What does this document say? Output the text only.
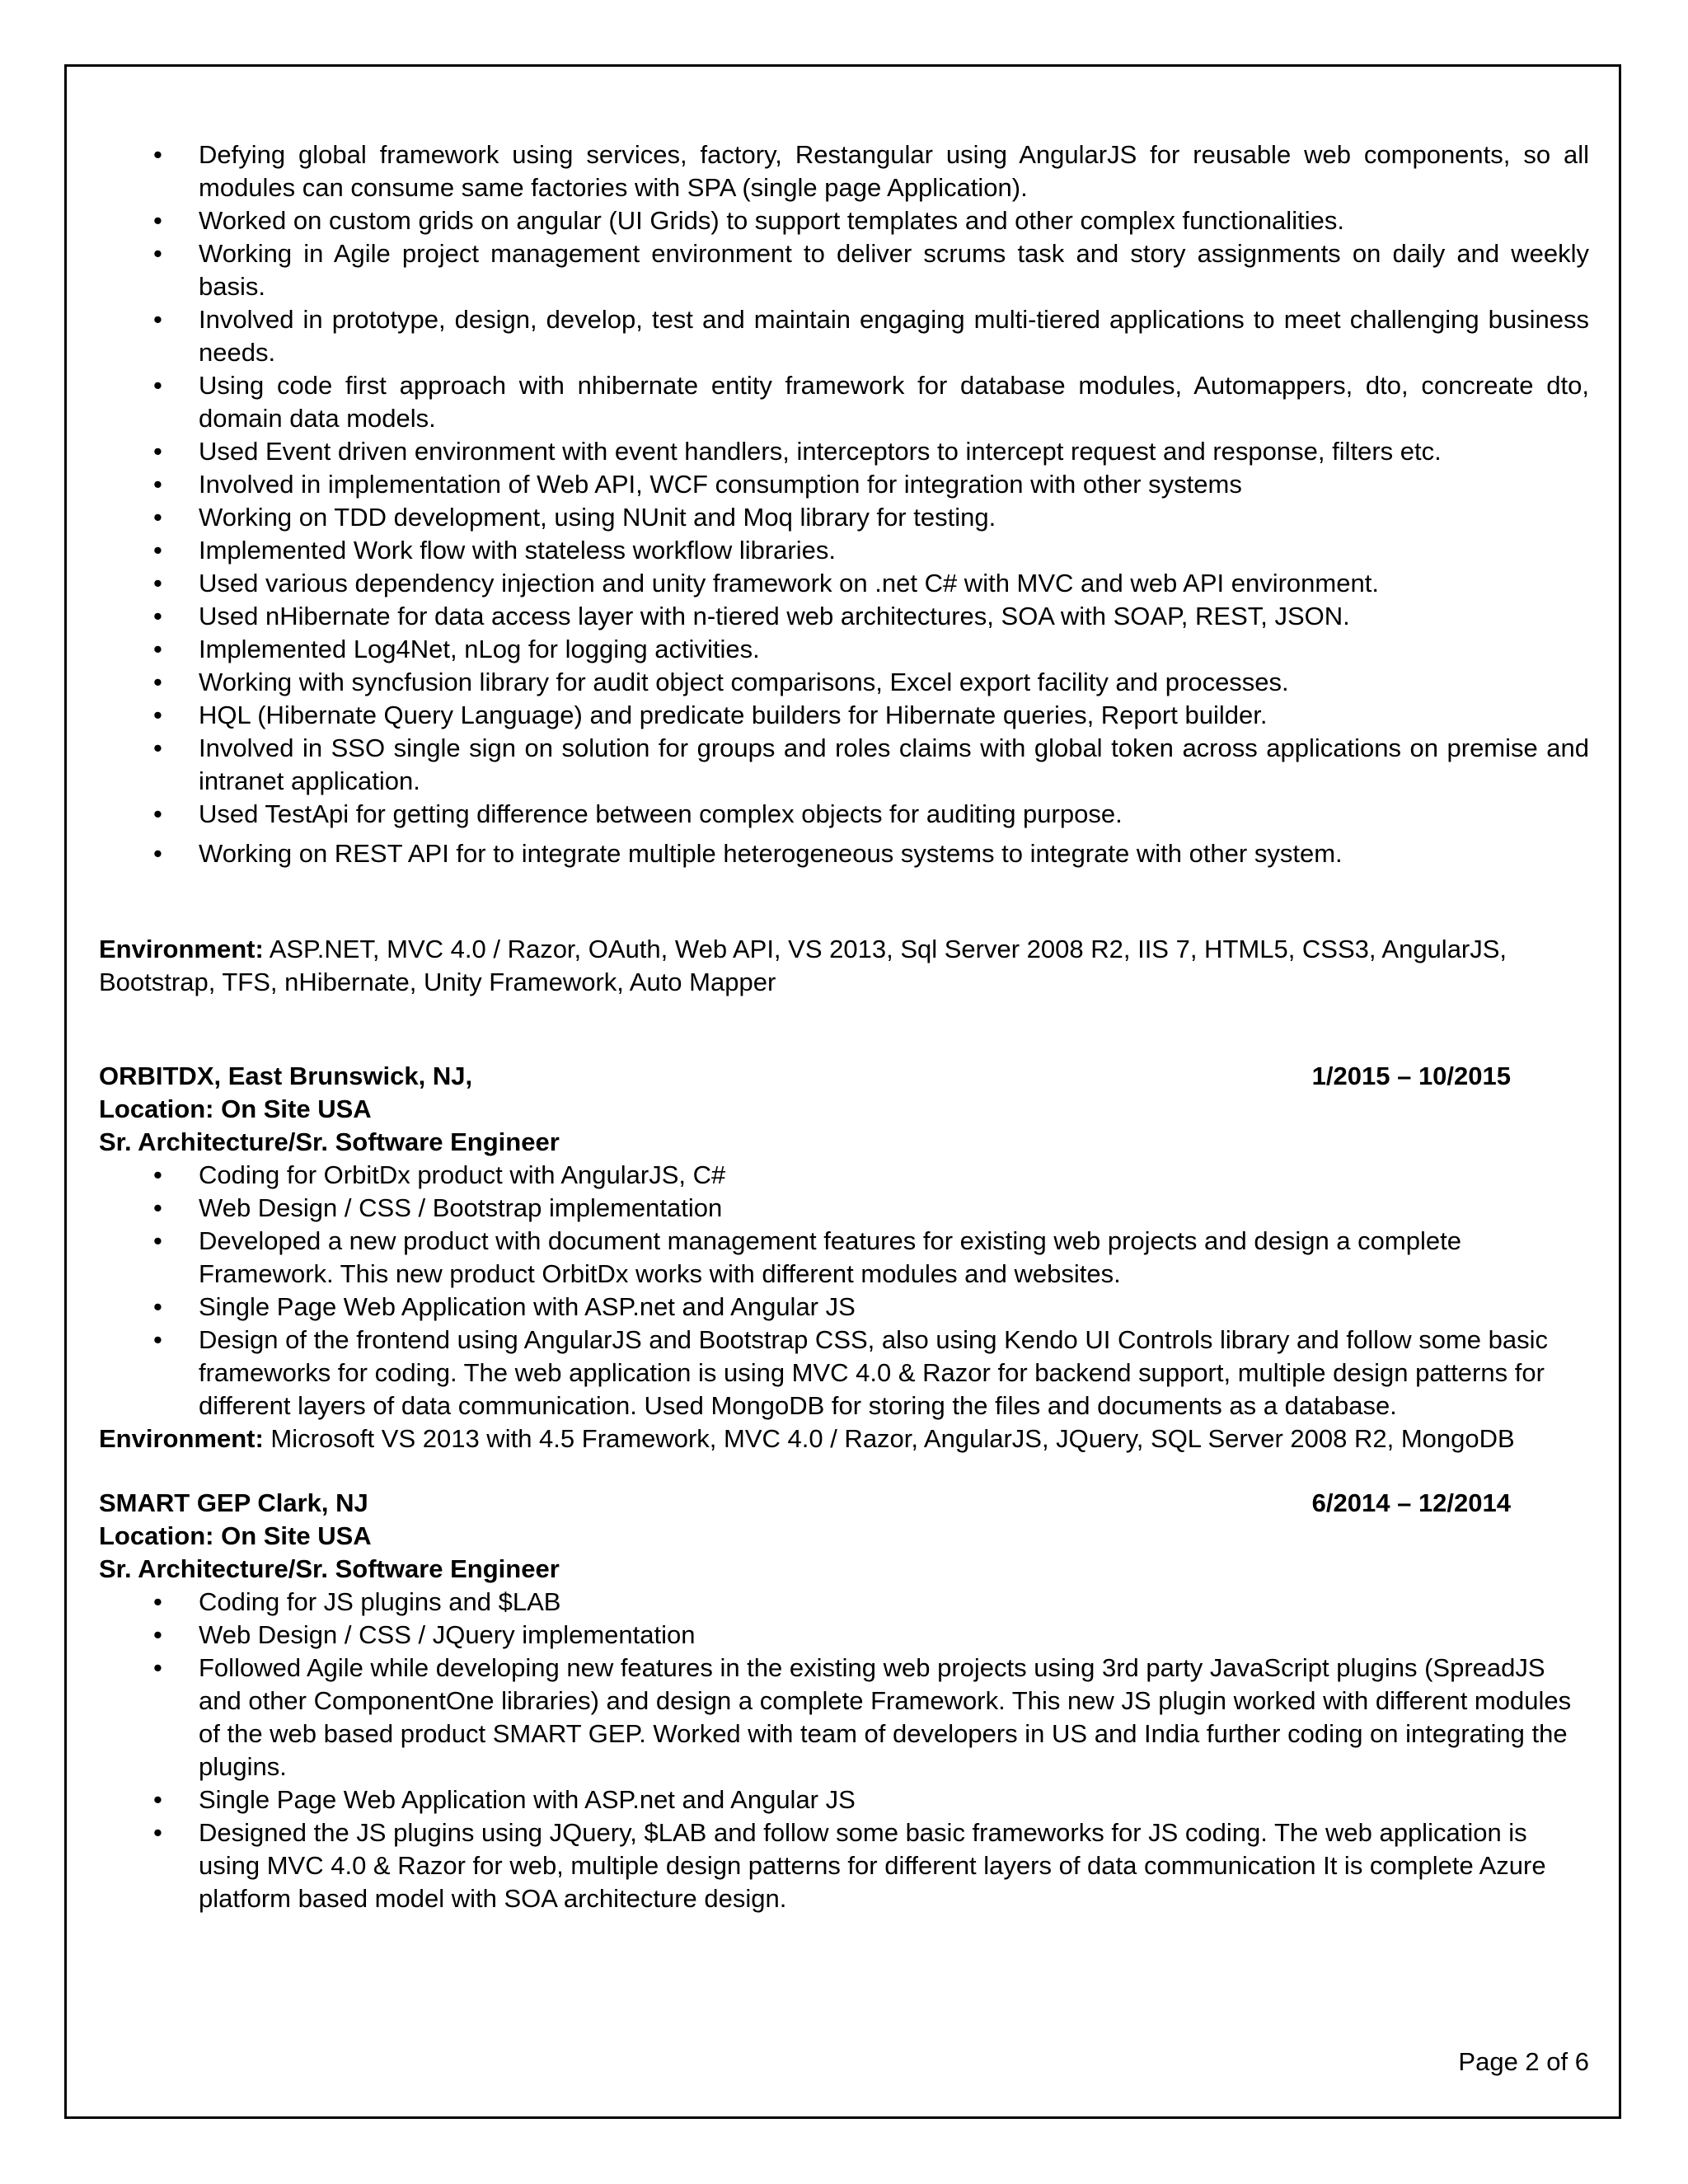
• Defying global framework using services, factory, Restangular using AngularJS for reusable web components, so all modules can consume same factories with SPA (single page Application).
• Worked on custom grids on angular (UI Grids) to support templates and other complex functionalities.
• Working in Agile project management environment to deliver scrums task and story assignments on daily and weekly basis.
• Involved in prototype, design, develop, test and maintain engaging multi-tiered applications to meet challenging business needs.
• Using code first approach with nhibernate entity framework for database modules, Automappers, dto, concreate dto, domain data models.
• Used Event driven environment with event handlers, interceptors to intercept request and response, filters etc.
• Involved in implementation of Web API, WCF consumption for integration with other systems
• Working on TDD development, using NUnit and Moq library for testing.
• Implemented Work flow with stateless workflow libraries.
• Used various dependency injection and unity framework on .net C# with MVC and web API environment.
• Used nHibernate for data access layer with n-tiered web architectures, SOA with SOAP, REST, JSON.
• Implemented Log4Net, nLog for logging activities.
• Working with syncfusion library for audit object comparisons, Excel export facility and processes.
• HQL (Hibernate Query Language) and predicate builders for Hibernate queries, Report builder.
• Involved in SSO single sign on solution for groups and roles claims with global token across applications on premise and intranet application.
• Used TestApi for getting difference between complex objects for auditing purpose.
• Working on REST API for to integrate multiple heterogeneous systems to integrate with other system.
Environment: ASP.NET, MVC 4.0 / Razor, OAuth, Web API, VS 2013, Sql Server 2008 R2, IIS 7, HTML5, CSS3, AngularJS, Bootstrap, TFS, nHibernate, Unity Framework, Auto Mapper
ORBITDX, East Brunswick, NJ,	1/2015 – 10/2015
Location: On Site USA
Sr. Architecture/Sr. Software Engineer
• Coding for OrbitDx product with AngularJS, C#
• Web Design / CSS / Bootstrap implementation
• Developed a new product with document management features for existing web projects and design a complete Framework. This new product OrbitDx works with different modules and websites.
• Single Page Web Application with ASP.net and Angular JS
• Design of the frontend using AngularJS and Bootstrap CSS, also using Kendo UI Controls library and follow some basic frameworks for coding. The web application is using MVC 4.0 & Razor for backend support, multiple design patterns for different layers of data communication. Used MongoDB for storing the files and documents as a database.
Environment: Microsoft VS 2013 with 4.5 Framework, MVC 4.0 / Razor, AngularJS, JQuery, SQL Server 2008 R2, MongoDB
SMART GEP Clark, NJ	6/2014 – 12/2014
Location: On Site USA
Sr. Architecture/Sr. Software Engineer
• Coding for JS plugins and $LAB
• Web Design / CSS / JQuery implementation
• Followed Agile while developing new features in the existing web projects using 3rd party JavaScript plugins (SpreadJS and other ComponentOne libraries) and design a complete Framework. This new JS plugin worked with different modules of the web based product SMART GEP. Worked with team of developers in US and India further coding on integrating the plugins.
• Single Page Web Application with ASP.net and Angular JS
• Designed the JS plugins using JQuery, $LAB and follow some basic frameworks for JS coding. The web application is using MVC 4.0 & Razor for web, multiple design patterns for different layers of data communication It is complete Azure platform based model with SOA architecture design.
Page 2 of 6
